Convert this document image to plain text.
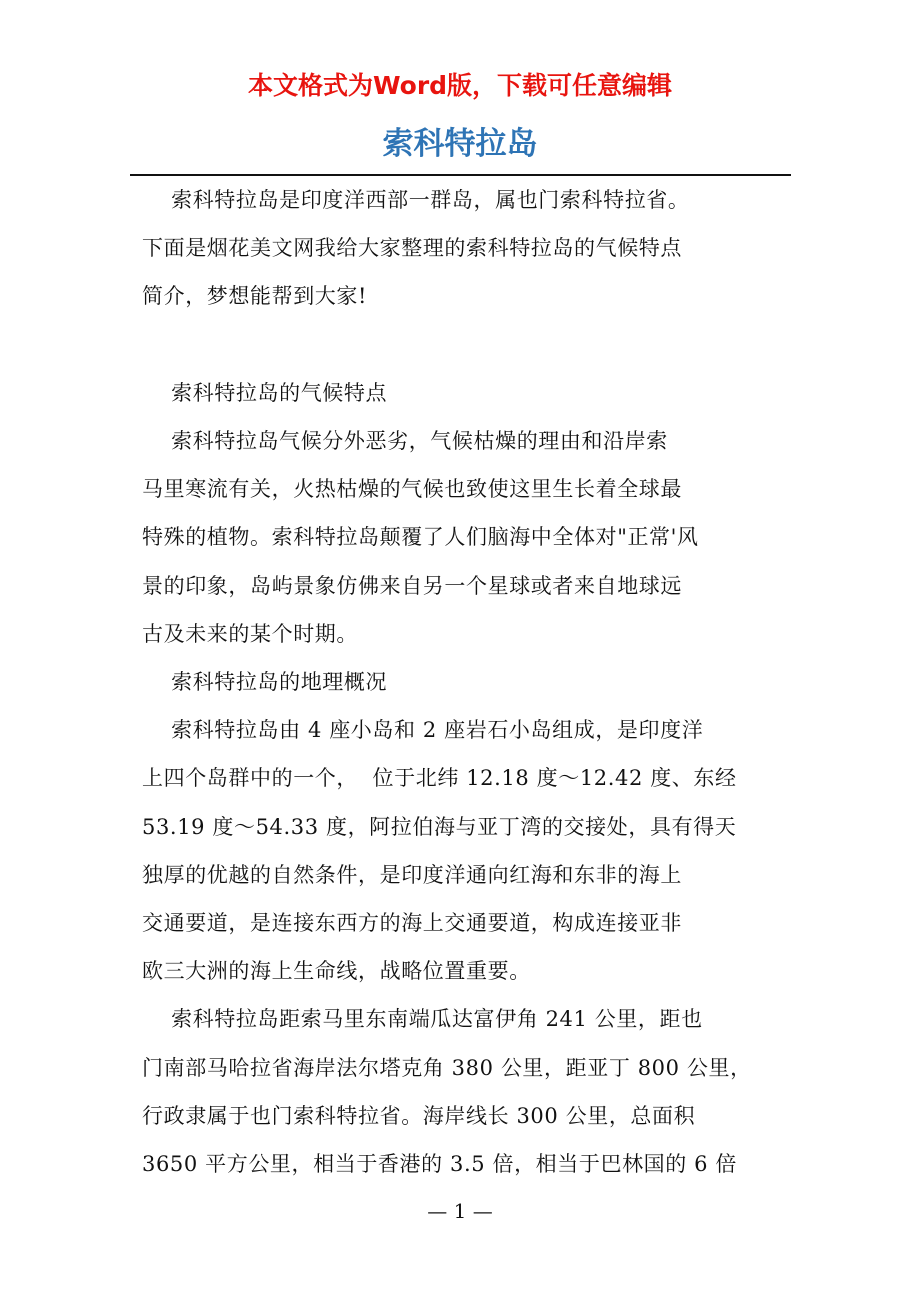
本文格式为Word版，下载可任意编辑
索科特拉岛

索科特拉岛是印度洋西部一群岛，属也门索科特拉省。

下面是烟花美文网我给大家整理的索科特拉岛的气候特点

简介，梦想能帮到大家!

索科特拉岛的气候特点

索科特拉岛气候分外恶劣，气候枯燥的理由和沿岸索

马里寒流有关，火热枯燥的气候也致使这里生长着全球最

特殊的植物。索科特拉岛颠覆了人们脑海中全体对"正常'风

景的印象，岛屿景象仿佛来自另一个星球或者来自地球远

古及未来的某个时期。

索科特拉岛的地理概况

索科特拉岛由 4 座小岛和 2 座岩石小岛组成，是印度洋

上四个岛群中的一个，  位于北纬 12.18 度～12.42 度、东经

53.19 度～54.33 度，阿拉伯海与亚丁湾的交接处，具有得天

独厚的优越的自然条件，是印度洋通向红海和东非的海上

交通要道，是连接东西方的海上交通要道，构成连接亚非

欧三大洲的海上生命线，战略位置重要。

索科特拉岛距索马里东南端瓜达富伊角 241 公里，距也

门南部马哈拉省海岸法尔塔克角 380 公里，距亚丁 800 公里，

行政隶属于也门索科特拉省。海岸线长 300 公里，总面积

3650 平方公里，相当于香港的 3.5 倍，相当于巴林国的 6 倍

— 1 —
